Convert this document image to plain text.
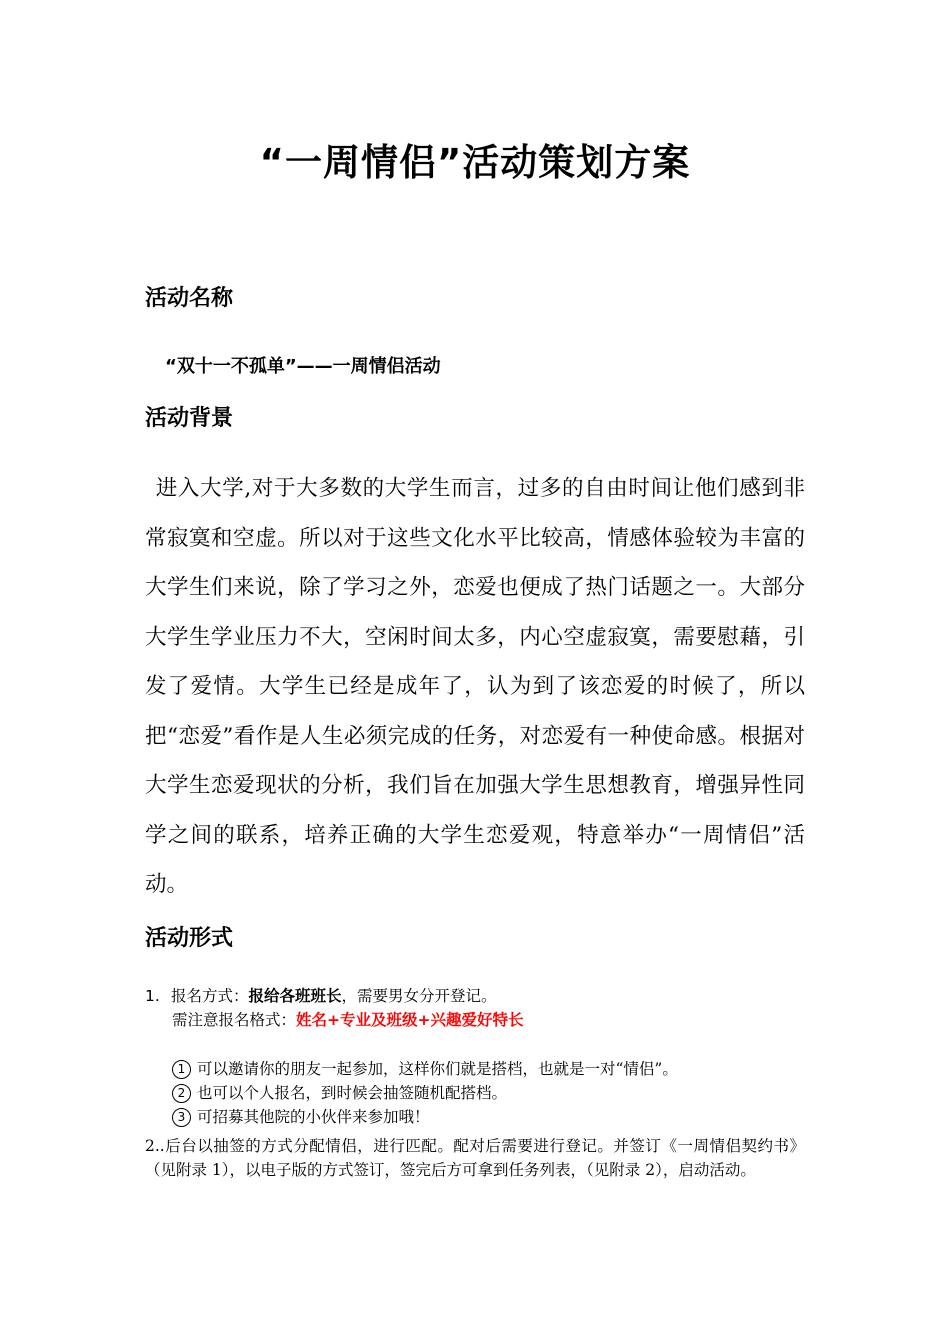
“一周情侣”活动策划方案
活动名称
“双十一不孤单”——一周情侣活动
活动背景
进入大学,对于大多数的大学生而言，过多的自由时间让他们感到非常寂寞和空虚。所以对于这些文化水平比较高，情感体验较为丰富的大学生们来说，除了学习之外，恋爱也便成了热门话题之一。大部分大学生学业压力不大，空闲时间太多，内心空虚寂寞，需要慰藉，引发了爱情。大学生已经是成年了，认为到了该恋爱的时候了，所以把“恋爱”看作是人生必须完成的任务，对恋爱有一种使命感。根据对大学生恋爱现状的分析，我们旨在加强大学生思想教育，增强异性同学之间的联系，培养正确的大学生恋爱观，特意举办“一周情侣”活动。
活动形式
1. 报名方式：报给各班班长，需要男女分开登记。
需注意报名格式：姓名+专业及班级+兴趣爱好特长
1 可以邀请你的朋友一起参加，这样你们就是搭档，也就是一对“情侣”。
2 也可以个人报名，到时候会抽签随机配搭档。
3 可招募其他院的小伙伴来参加哦！
2..后台以抽签的方式分配情侣，进行匹配。配对后需要进行登记。并签订《一周情侣契约书》（见附录 1），以电子版的方式签订，签完后方可拿到任务列表，（见附录 2），启动活动。
